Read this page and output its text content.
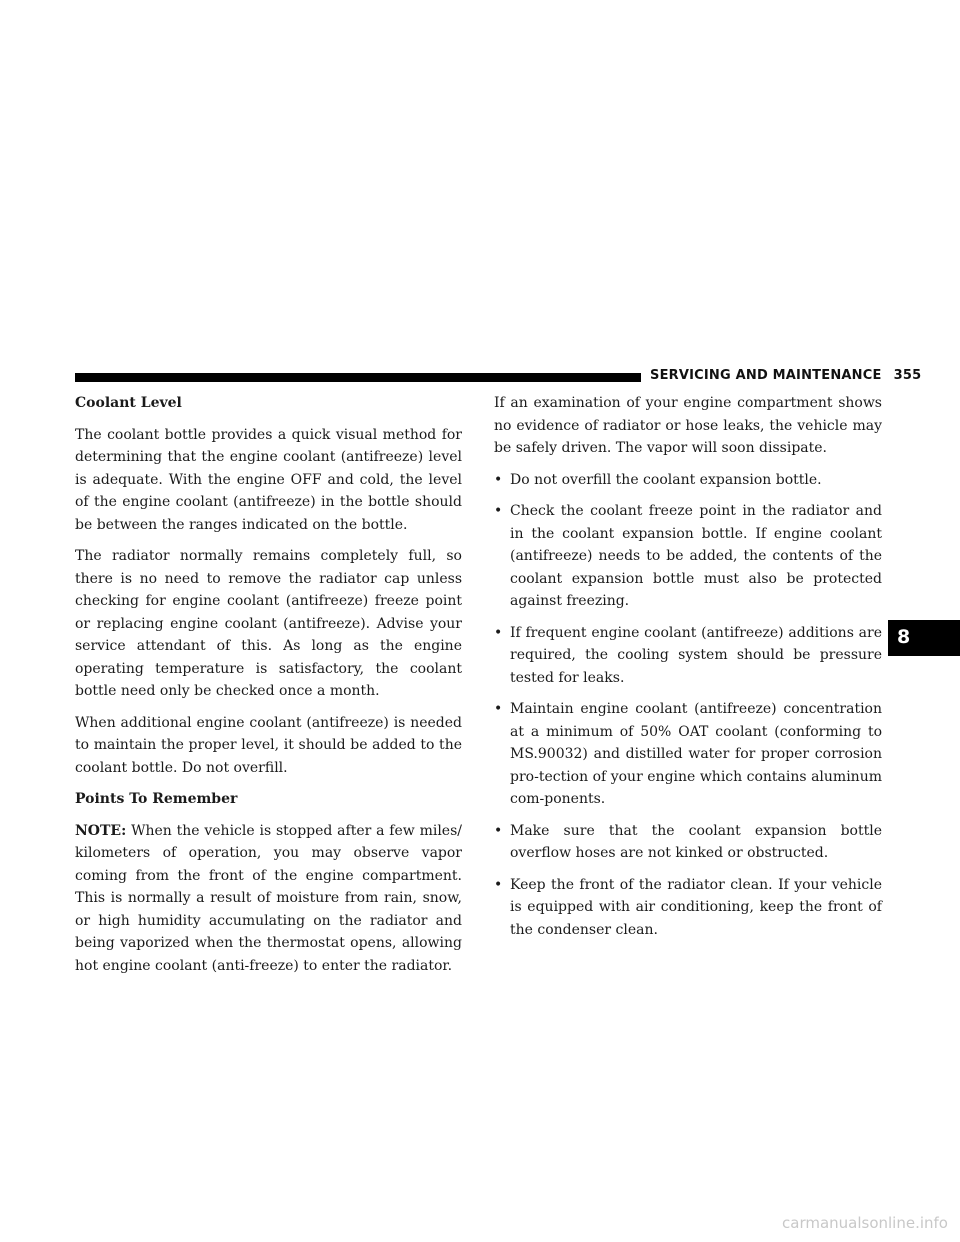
SERVICING AND MAINTENANCE 355
Coolant Level

The coolant bottle provides a quick visual method for determining that the engine coolant (antifreeze) level is adequate. With the engine OFF and cold, the level of the engine coolant (antifreeze) in the bottle should be between the ranges indicated on the bottle.

The radiator normally remains completely full, so there is no need to remove the radiator cap unless checking for engine coolant (antifreeze) freeze point or replacing engine coolant (antifreeze). Advise your service attendant of this. As long as the engine operating temperature is satisfactory, the coolant bottle need only be checked once a month.

When additional engine coolant (antifreeze) is needed to maintain the proper level, it should be added to the coolant bottle. Do not overfill.

Points To Remember

NOTE: When the vehicle is stopped after a few miles/ kilometers of operation, you may observe vapor coming from the front of the engine compartment. This is normally a result of moisture from rain, snow, or high humidity accumulating on the radiator and being vaporized when the thermostat opens, allowing hot engine coolant (anti-freeze) to enter the radiator.

If an examination of your engine compartment shows no evidence of radiator or hose leaks, the vehicle may be safely driven. The vapor will soon dissipate.

• Do not overfill the coolant expansion bottle.
• Check the coolant freeze point in the radiator and in the coolant expansion bottle. If engine coolant (antifreeze) needs to be added, the contents of the coolant expansion bottle must also be protected against freezing.
• If frequent engine coolant (antifreeze) additions are required, the cooling system should be pressure tested for leaks.
• Maintain engine coolant (antifreeze) concentration at a minimum of 50% OAT coolant (conforming to MS.90032) and distilled water for proper corrosion pro-tection of your engine which contains aluminum com-ponents.
• Make sure that the coolant expansion bottle overflow hoses are not kinked or obstructed.
• Keep the front of the radiator clean. If your vehicle is equipped with air conditioning, keep the front of the condenser clean.
8
carmanualsonline.info
